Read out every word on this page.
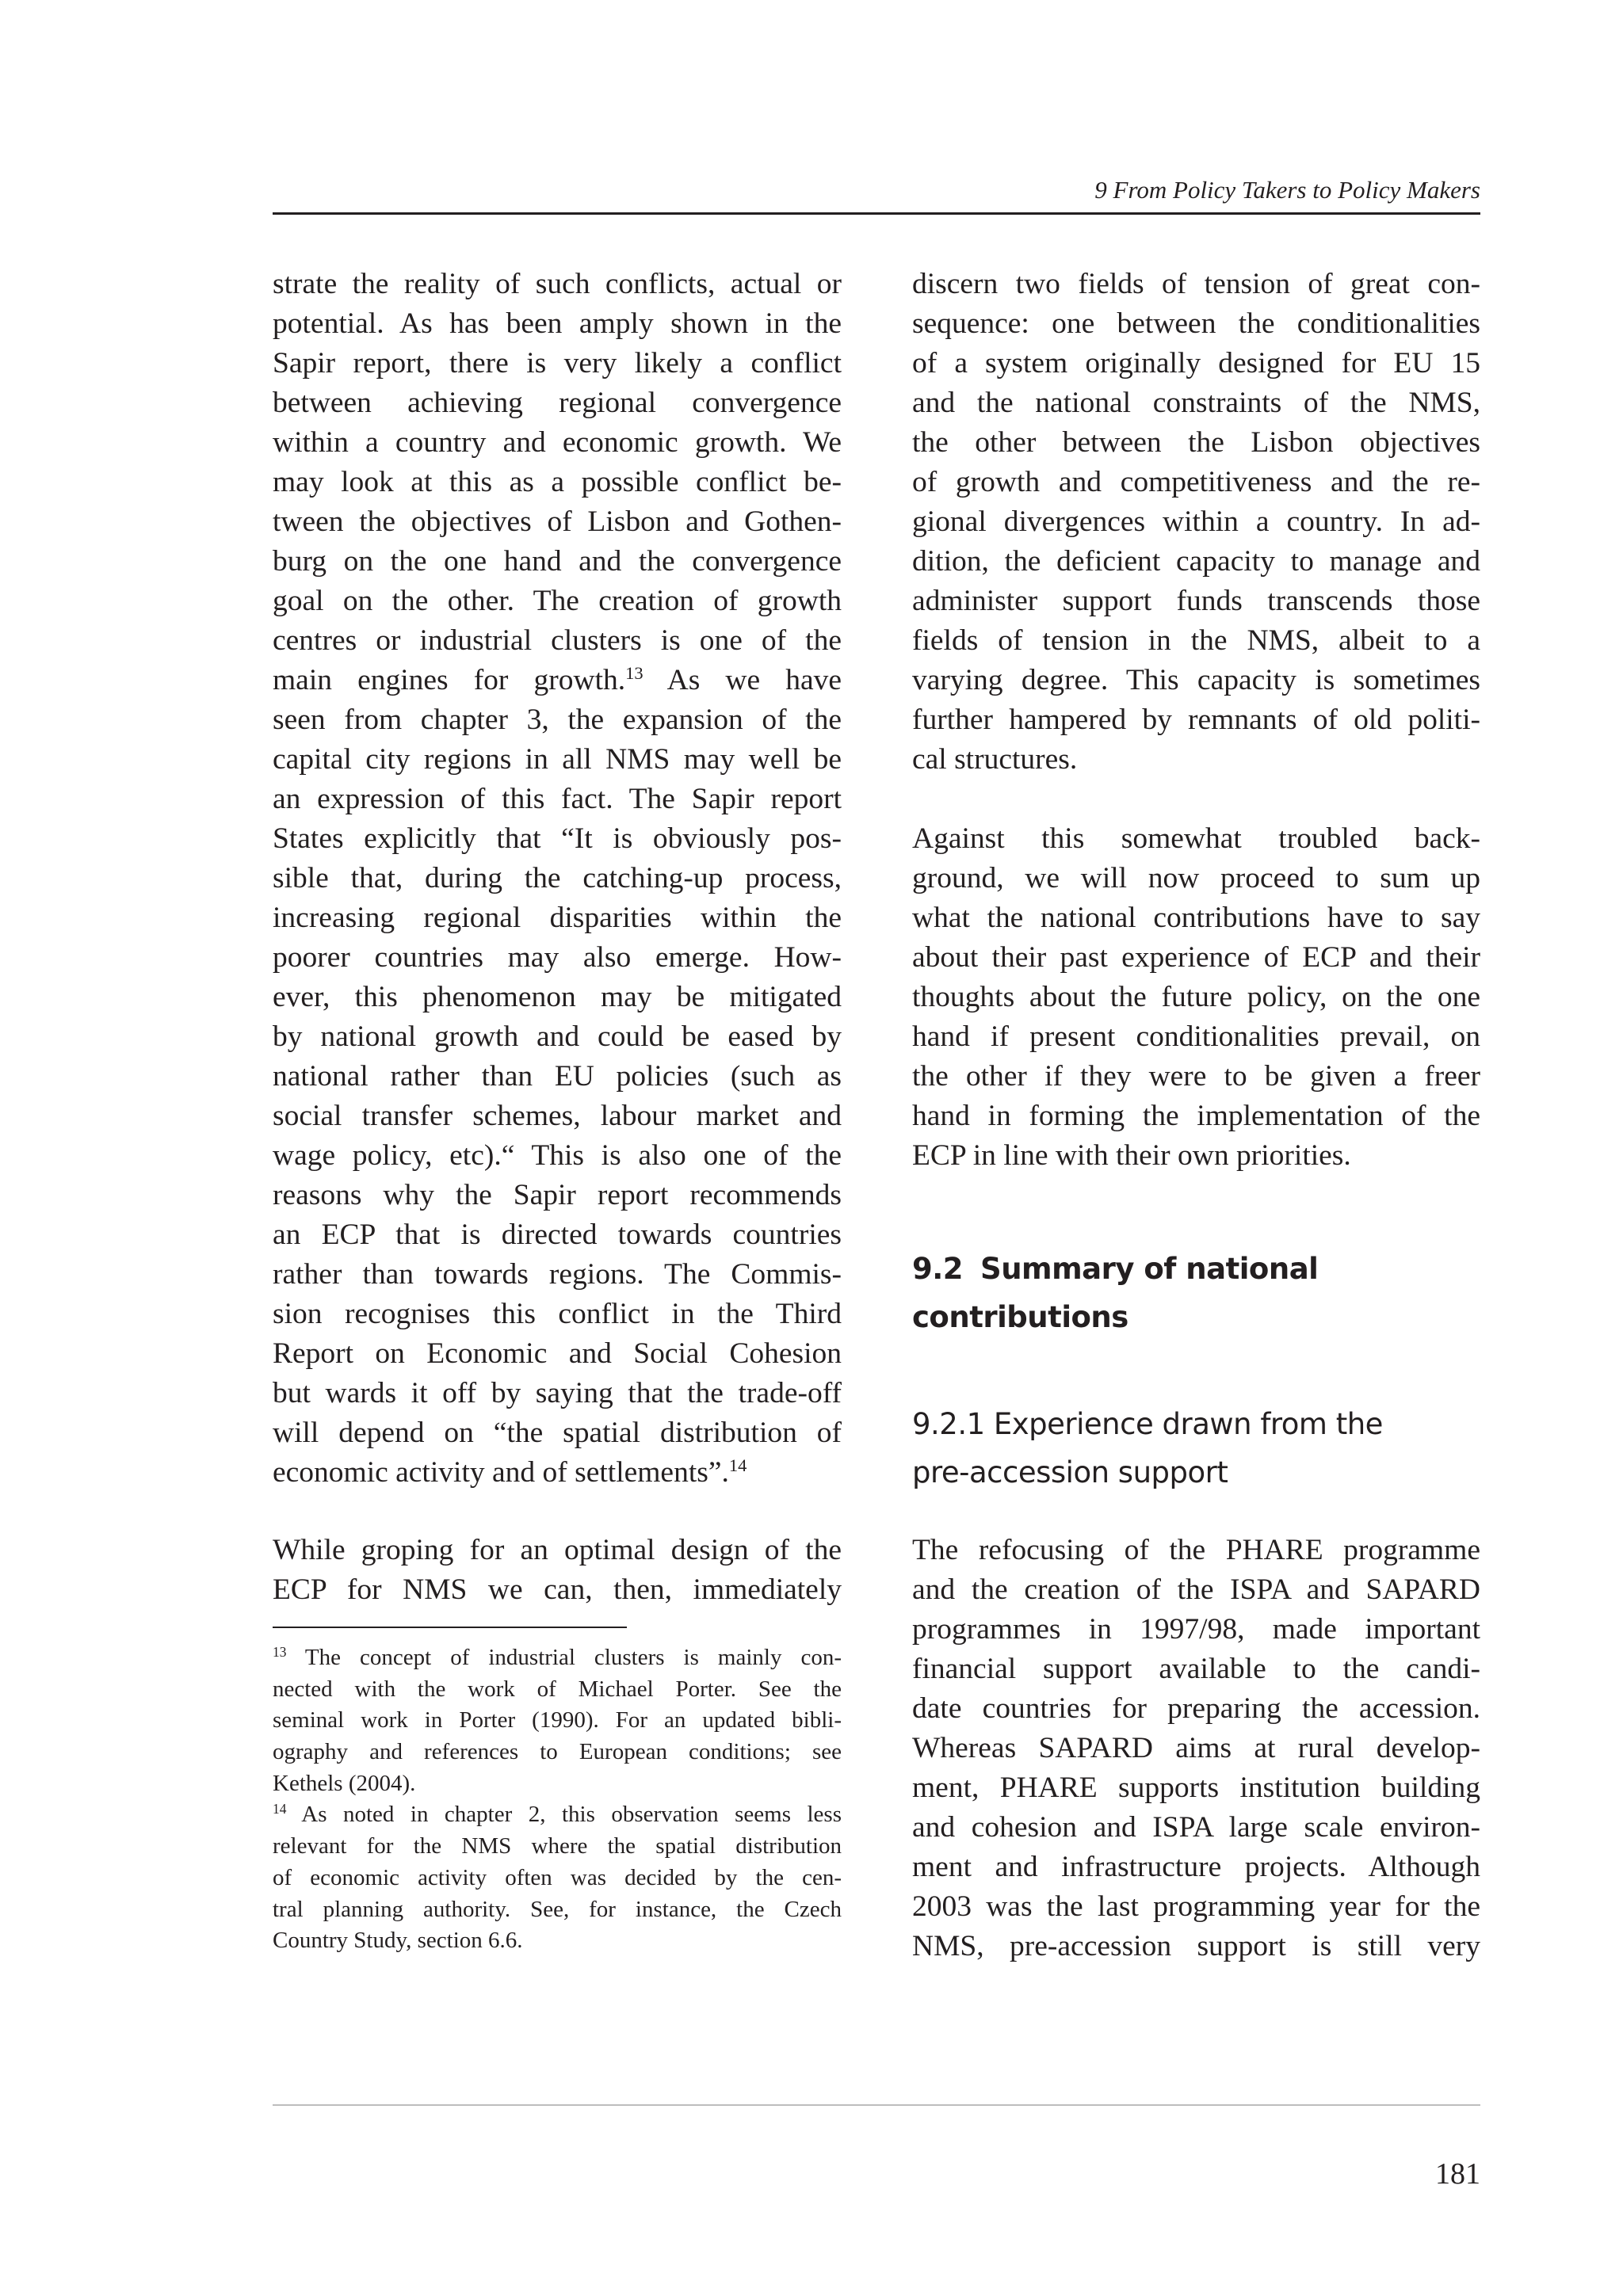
9 From Policy Takers to Policy Makers
strate the reality of such conflicts, actual or
potential. As has been amply shown in the
Sapir report, there is very likely a conflict
between achieving regional convergence
within a country and economic growth. We
may look at this as a possible conflict be-
tween the objectives of Lisbon and Gothen-
burg on the one hand and the convergence
goal on the other. The creation of growth
centres or industrial clusters is one of the
main engines for growth.$^{13}$ As we have
seen from chapter 3, the expansion of the
capital city regions in all NMS may well be
an expression of this fact. The Sapir report
States explicitly that “It is obviously pos-
sible that, during the catching-up process,
increasing regional disparities within the
poorer countries may also emerge. How-
ever, this phenomenon may be mitigated
by national growth and could be eased by
national rather than EU policies (such as
social transfer schemes, labour market and
wage policy, etc).“ This is also one of the
reasons why the Sapir report recommends
an ECP that is directed towards countries
rather than towards regions. The Commis-
sion recognises this conflict in the Third
Report on Economic and Social Cohesion
but wards it off by saying that the trade-off
will depend on “the spatial distribution of
economic activity and of settlements”.$^{14}$
While groping for an optimal design of the
ECP for NMS we can, then, immediately
discern two fields of tension of great con-
sequence: one between the conditionalities
of a system originally designed for EU 15
and the national constraints of the NMS,
the other between the Lisbon objectives
of growth and competitiveness and the re-
gional divergences within a country. In ad-
dition, the deficient capacity to manage and
administer support funds transcends those
fields of tension in the NMS, albeit to a
varying degree. This capacity is sometimes
further hampered by remnants of old politi-
cal structures.
Against this somewhat troubled back-
ground, we will now proceed to sum up
what the national contributions have to say
about their past experience of ECP and their
thoughts about the future policy, on the one
hand if present conditionalities prevail, on
the other if they were to be given a freer
hand in forming the implementation of the
ECP in line with their own priorities.
The refocusing of the PHARE programme
and the creation of the ISPA and SAPARD
programmes in 1997/98, made important
financial support available to the candi-
date countries for preparing the accession.
Whereas SAPARD aims at rural develop-
ment, PHARE supports institution building
and cohesion and ISPA large scale environ-
ment and infrastructure projects. Although
2003 was the last programming year for the
NMS, pre-accession support is still very
9.2 Summary of national
contributions
9.2.1 Experience drawn from the
pre-accession support
$^{13}$ The concept of industrial clusters is mainly con-
nected with the work of Michael Porter. See the
seminal work in Porter (1990). For an updated bibli-
ography and references to European conditions; see
Kethels (2004).
$^{14}$ As noted in chapter 2, this observation seems less
relevant for the NMS where the spatial distribution
of economic activity often was decided by the cen-
tral planning authority. See, for instance, the Czech
Country Study, section 6.6.
181
